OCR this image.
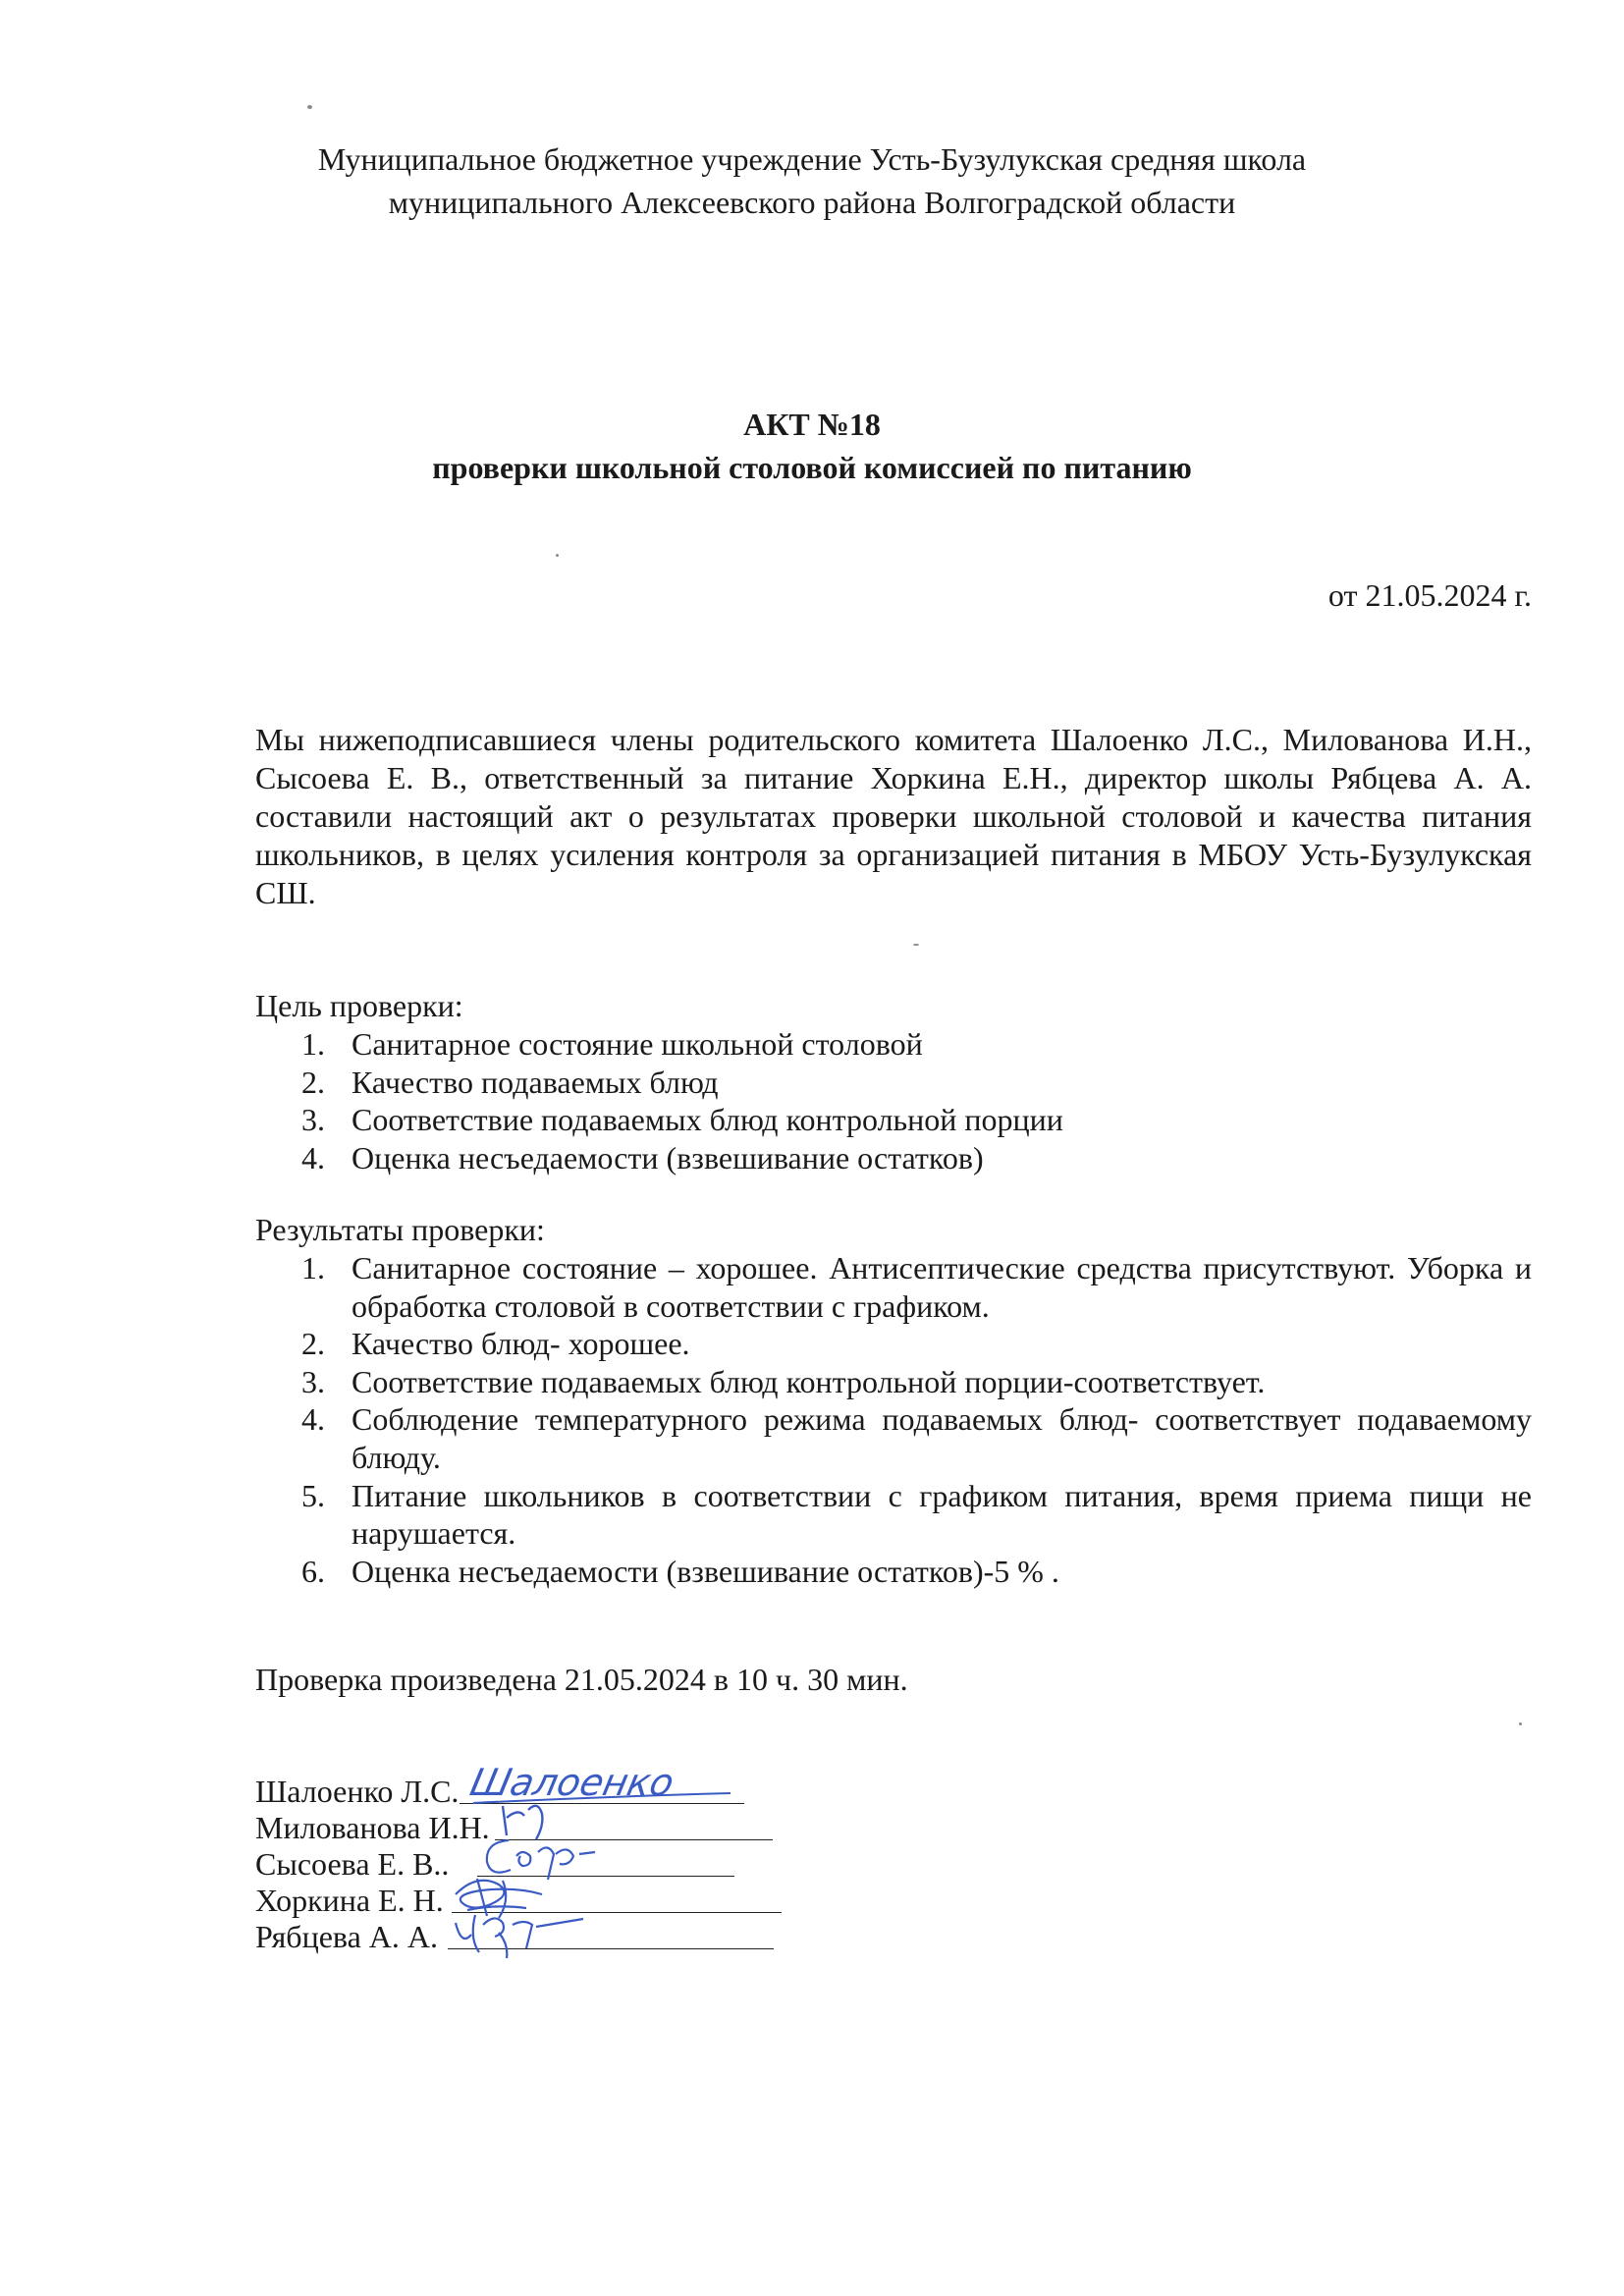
Муниципальное бюджетное учреждение Усть-Бузулукская средняя школа
муниципального Алексеевского района Волгоградской области
АКТ №18
проверки школьной столовой комиссией по питанию
от 21.05.2024 г.
Мы нижеподписавшиеся члены родительского комитета Шалоенко Л.С., Милованова И.Н., Сысоева Е. В., ответственный за питание Хоркина Е.Н., директор школы Рябцева А. А. составили настоящий акт о результатах проверки школьной столовой и качества питания школьников, в целях усиления контроля за организацией питания в МБОУ Усть-Бузулукская СШ.
Цель проверки:
1. Санитарное состояние школьной столовой
2. Качество подаваемых блюд
3. Соответствие подаваемых блюд контрольной порции
4. Оценка несъедаемости (взвешивание остатков)
Результаты проверки:
1. Санитарное состояние – хорошее. Антисептические средства присутствуют. Уборка и обработка столовой в соответствии с графиком.
2. Качество блюд- хорошее.
3. Соответствие подаваемых блюд контрольной порции-соответствует.
4. Соблюдение температурного режима подаваемых блюд- соответствует подаваемому блюду.
5. Питание школьников в соответствии с графиком питания, время приема пищи не нарушается.
6. Оценка несъедаемости (взвешивание остатков)-5 % .
Проверка произведена 21.05.2024 в 10 ч. 30 мин.
Шалоенко Л.С. Шалоенко
Милованова И.Н.
Сысоева Е. В..
Хоркина Е. Н.
Рябцева А. А.
